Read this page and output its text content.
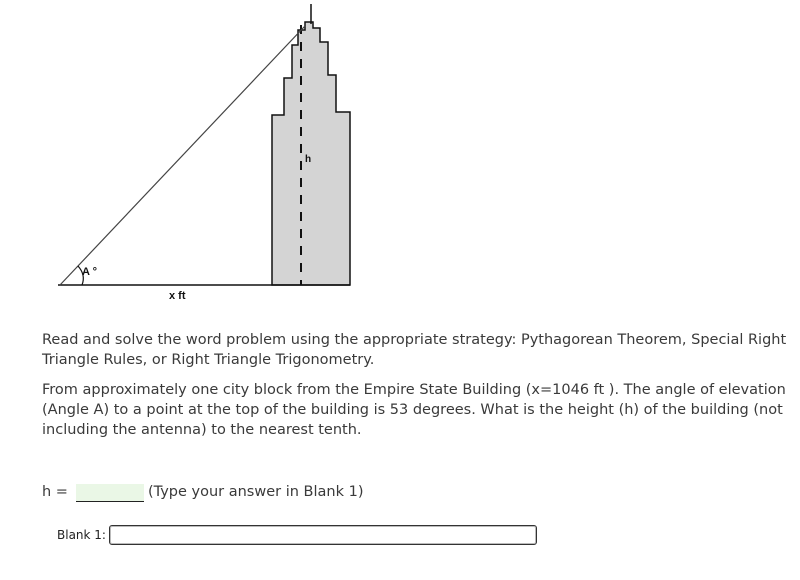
A °
x ft
h

Read and solve the word problem using the appropriate strategy: Pythagorean Theorem, Special Right Triangle Rules, or Right Triangle Trigonometry.

From approximately one city block from the Empire State Building (x=1046 ft ). The angle of elevation (Angle A) to a point at the top of the building is 53 degrees. What is the height (h) of the building (not including the antenna) to the nearest tenth.

h =	(Type your answer in Blank 1)
Blank 1:
